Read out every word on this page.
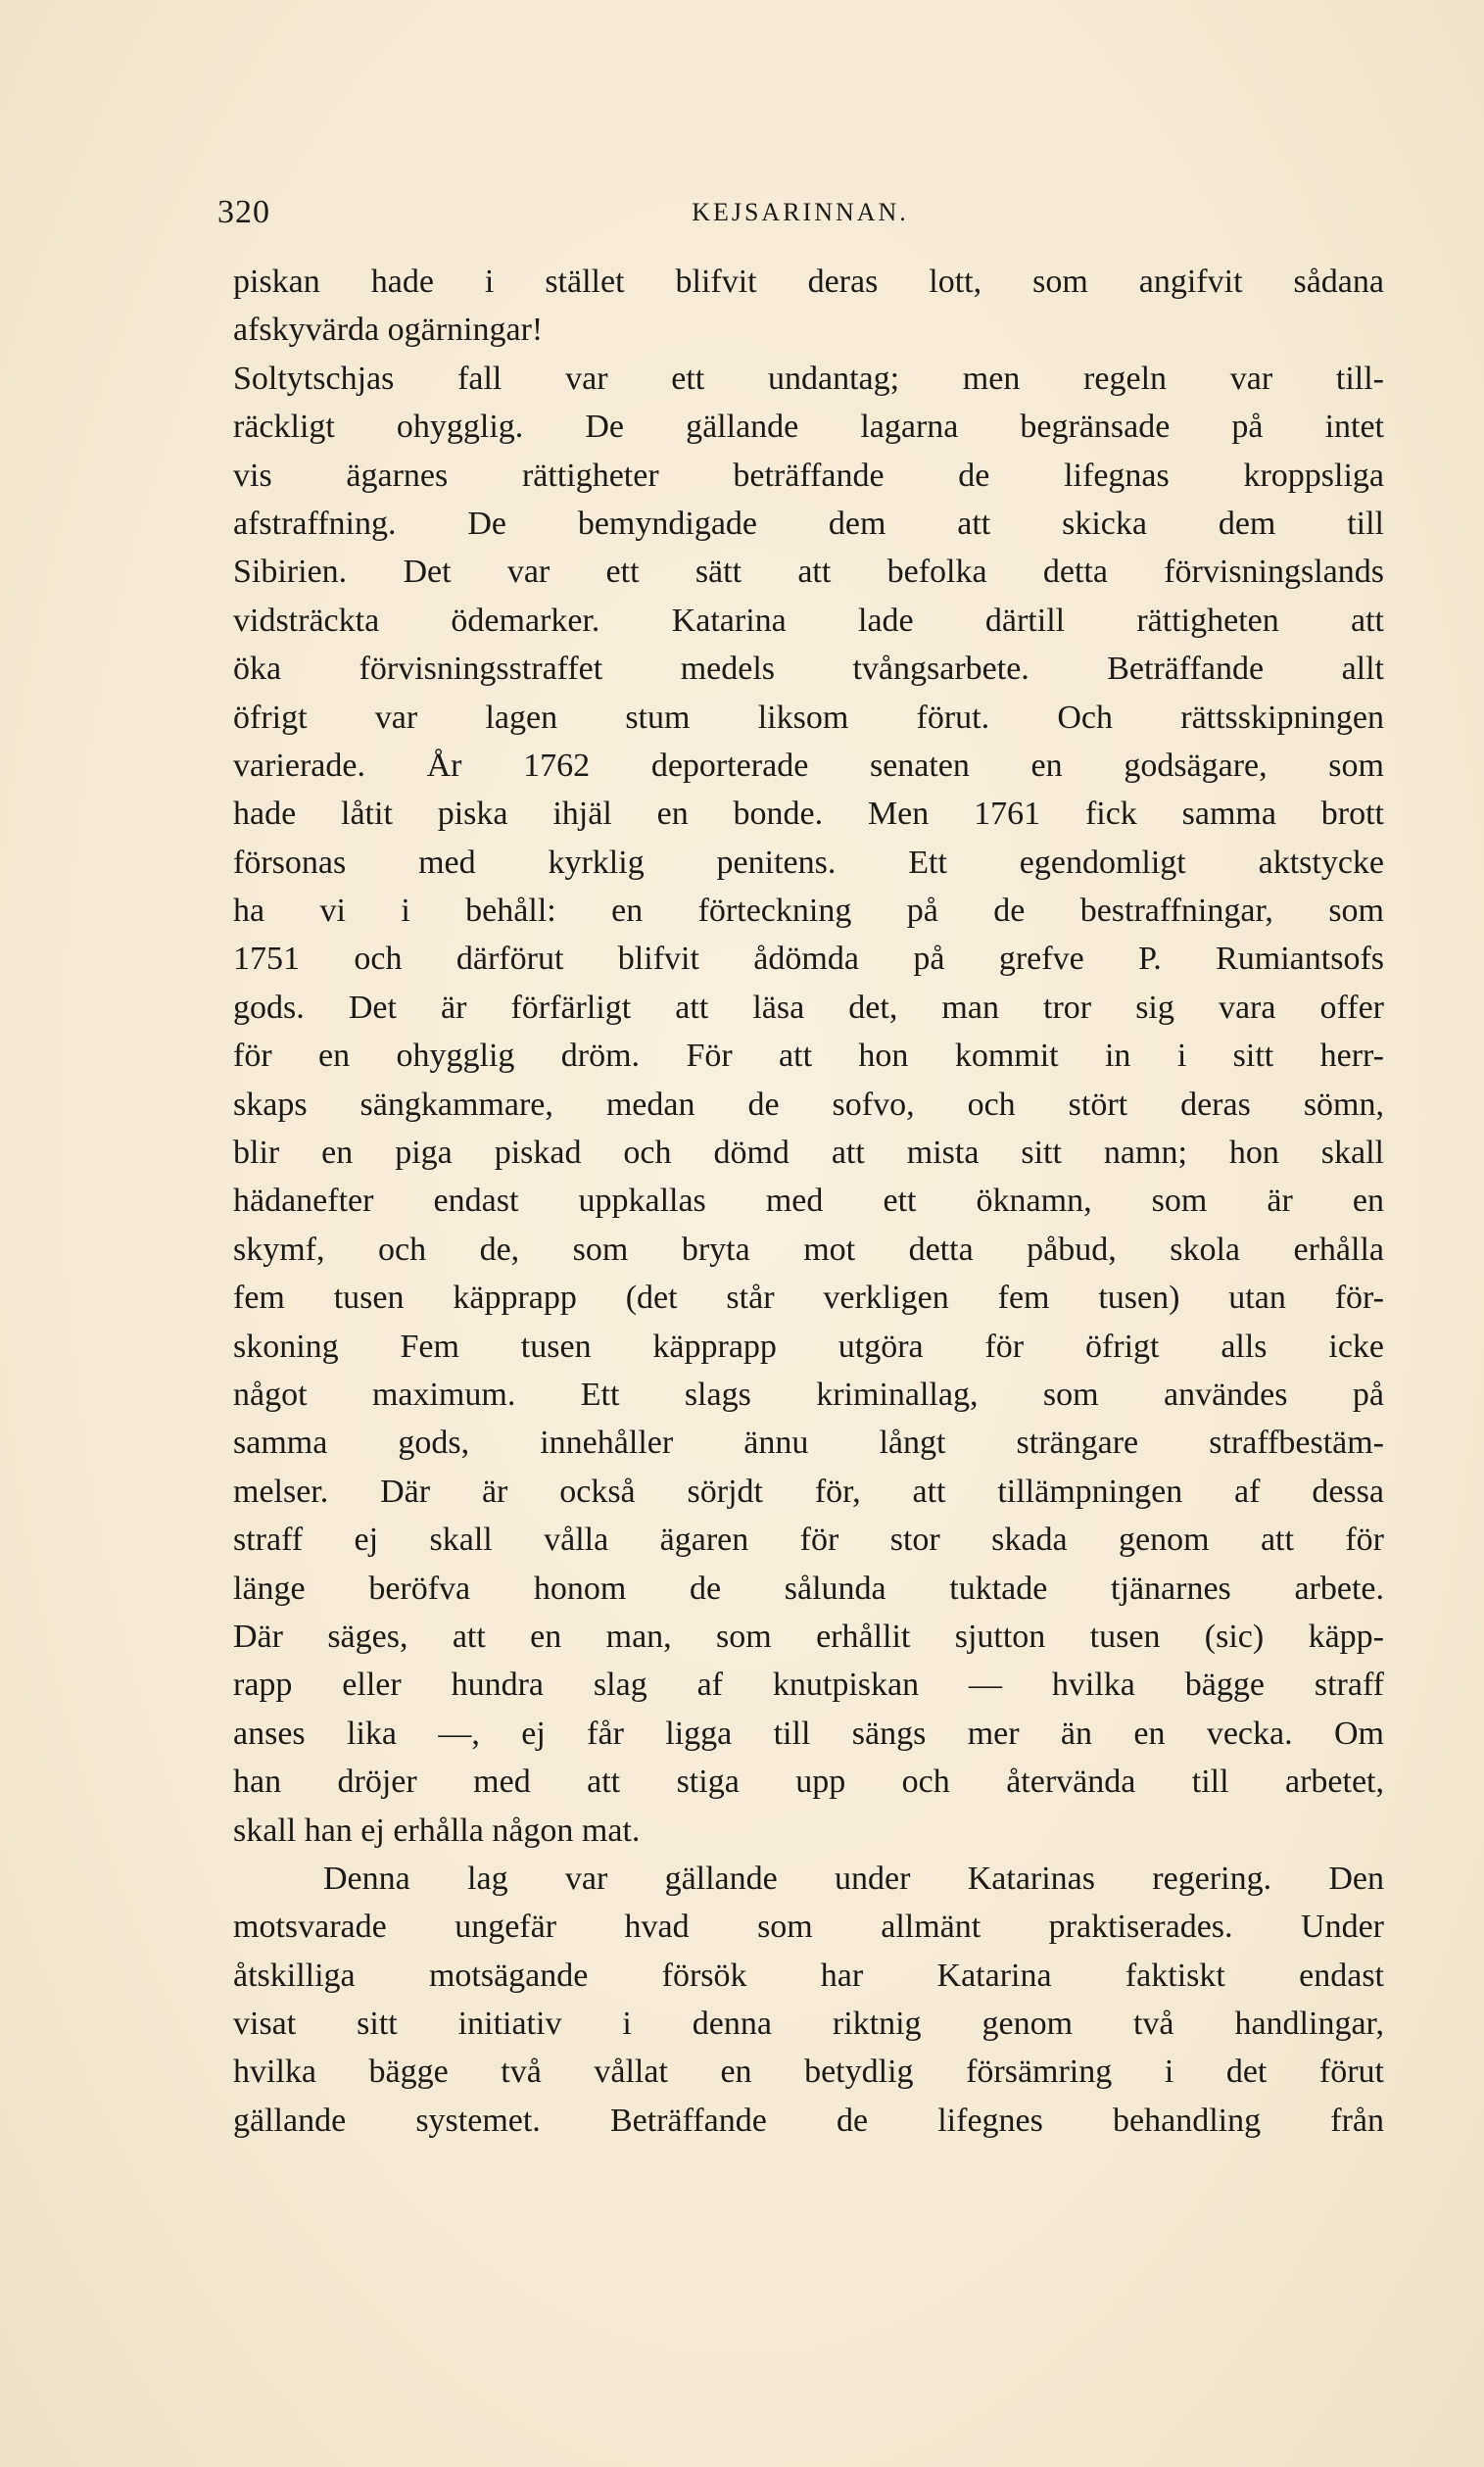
320	KEJSARINNAN.
piskan hade i stället blifvit deras lott, som angifvit sådana
afskyvärda ogärningar!
Soltytschjas fall var ett undantag; men regeln var till-
räckligt ohygglig. De gällande lagarna begränsade på intet
vis ägarnes rättigheter beträffande de lifegnas kroppsliga
afstraffning. De bemyndigade dem att skicka dem till
Sibirien. Det var ett sätt att befolka detta förvisningslands
vidsträckta ödemarker. Katarina lade därtill rättigheten att
öka förvisningsstraffet medels tvångsarbete. Beträffande allt
öfrigt var lagen stum liksom förut. Och rättsskipningen
varierade. År 1762 deporterade senaten en godsägare, som
hade låtit piska ihjäl en bonde. Men 1761 fick samma brott
försonas med kyrklig penitens. Ett egendomligt aktstycke
ha vi i behåll: en förteckning på de bestraffningar, som
1751 och därförut blifvit ådömda på grefve P. Rumiantsofs
gods. Det är förfärligt att läsa det, man tror sig vara offer
för en ohygglig dröm. För att hon kommit in i sitt herr-
skaps sängkammare, medan de sofvo, och stört deras sömn,
blir en piga piskad och dömd att mista sitt namn; hon skall
hädanefter endast uppkallas med ett öknamn, som är en
skymf, och de, som bryta mot detta påbud, skola erhålla
fem tusen käpprapp (det står verkligen fem tusen) utan för-
skoning Fem tusen käpprapp utgöra för öfrigt alls icke
något maximum. Ett slags kriminallag, som användes på
samma gods, innehåller ännu långt strängare straffbestäm-
melser. Där är också sörjdt för, att tillämpningen af dessa
straff ej skall vålla ägaren för stor skada genom att för
länge beröfva honom de sålunda tuktade tjänarnes arbete.
Där säges, att en man, som erhållit sjutton tusen (sic) käpp-
rapp eller hundra slag af knutpiskan — hvilka bägge straff
anses lika —, ej får ligga till sängs mer än en vecka. Om
han dröjer med att stiga upp och återvända till arbetet,
skall han ej erhålla någon mat.
Denna lag var gällande under Katarinas regering. Den
motsvarade ungefär hvad som allmänt praktiserades. Under
åtskilliga motsägande försök har Katarina faktiskt endast
visat sitt initiativ i denna riktnig genom två handlingar,
hvilka bägge två vållat en betydlig försämring i det förut
gällande systemet. Beträffande de lifegnes behandling från
